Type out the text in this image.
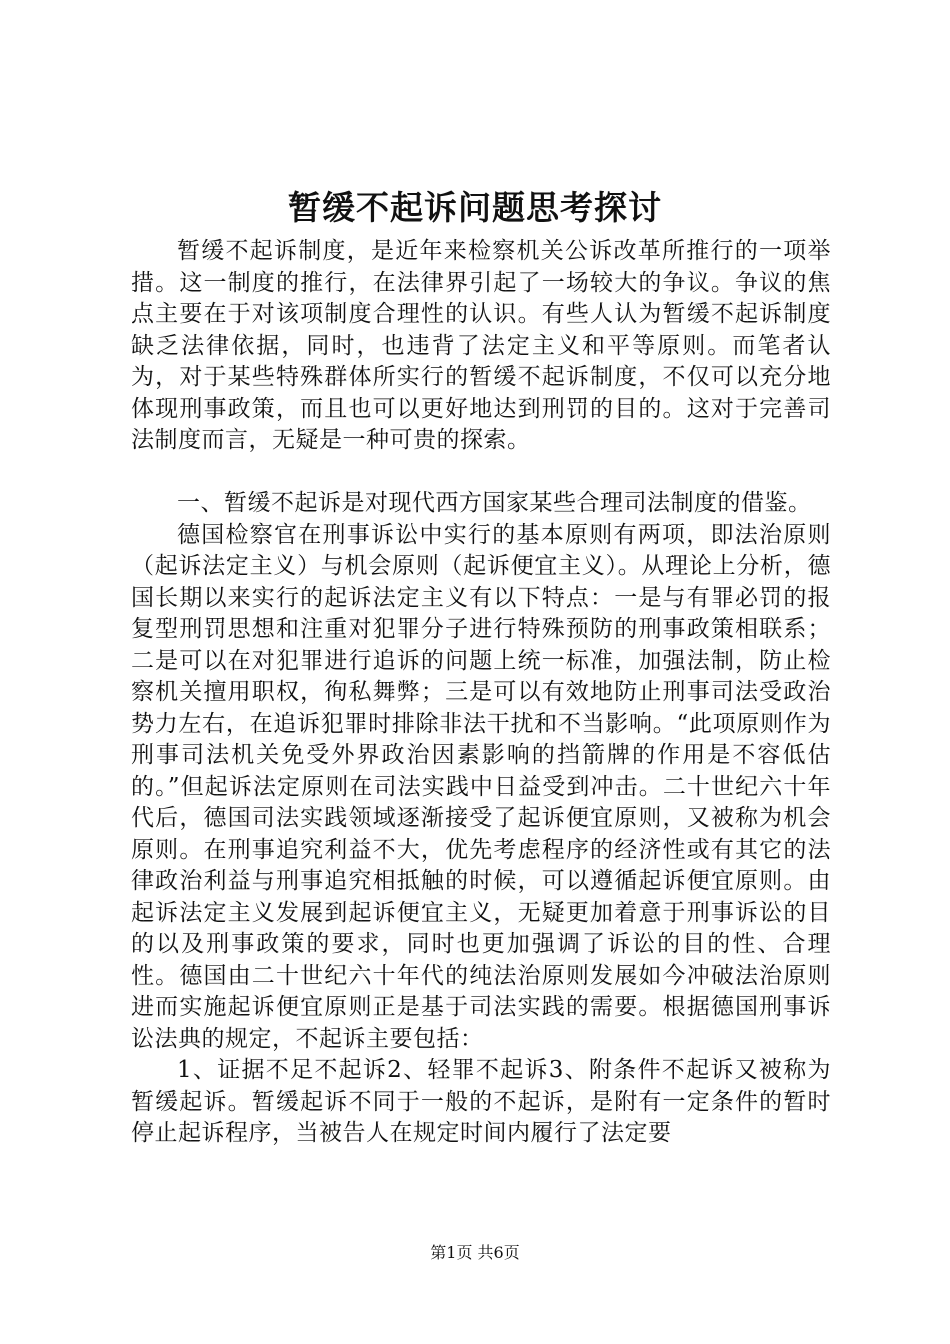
暂缓不起诉问题思考探讨

暂缓不起诉制度，是近年来检察机关公诉改革所推行的一项举措。这一制度的推行，在法律界引起了一场较大的争议。争议的焦点主要在于对该项制度合理性的认识。有些人认为暂缓不起诉制度缺乏法律依据，同时，也违背了法定主义和平等原则。而笔者认为，对于某些特殊群体所实行的暂缓不起诉制度，不仅可以充分地体现刑事政策，而且也可以更好地达到刑罚的目的。这对于完善司法制度而言，无疑是一种可贵的探索。

一、暂缓不起诉是对现代西方国家某些合理司法制度的借鉴。

德国检察官在刑事诉讼中实行的基本原则有两项，即法治原则（起诉法定主义）与机会原则（起诉便宜主义）。从理论上分析，德国长期以来实行的起诉法定主义有以下特点：一是与有罪必罚的报复型刑罚思想和注重对犯罪分子进行特殊预防的刑事政策相联系；二是可以在对犯罪进行追诉的问题上统一标准，加强法制，防止检察机关擅用职权，徇私舞弊；三是可以有效地防止刑事司法受政治势力左右，在追诉犯罪时排除非法干扰和不当影响。“此项原则作为刑事司法机关免受外界政治因素影响的挡箭牌的作用是不容低估的。”但起诉法定原则在司法实践中日益受到冲击。二十世纪六十年代后，德国司法实践领域逐渐接受了起诉便宜原则，又被称为机会原则。在刑事追究利益不大，优先考虑程序的经济性或有其它的法律政治利益与刑事追究相抵触的时候，可以遵循起诉便宜原则。由起诉法定主义发展到起诉便宜主义，无疑更加着意于刑事诉讼的目的以及刑事政策的要求，同时也更加强调了诉讼的目的性、合理性。德国由二十世纪六十年代的纯法治原则发展如今冲破法治原则进而实施起诉便宜原则正是基于司法实践的需要。根据德国刑事诉讼法典的规定，不起诉主要包括：

1、证据不足不起诉2、轻罪不起诉3、附条件不起诉又被称为暂缓起诉。暂缓起诉不同于一般的不起诉，是附有一定条件的暂时停止起诉程序，当被告人在规定时间内履行了法定要

第1页 共6页
